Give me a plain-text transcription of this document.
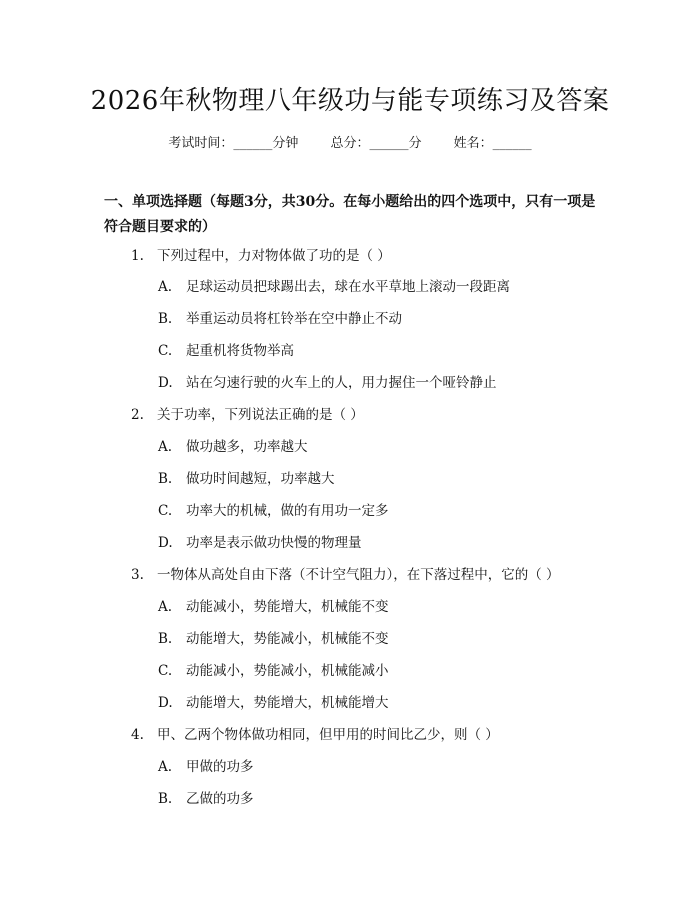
2026年秋物理八年级功与能专项练习及答案
考试时间：______分钟 总分：______分 姓名：______
一、单项选择题（每题3分，共30分。在每小题给出的四个选项中，只有一项是符合题目要求的）
1. 下列过程中，力对物体做了功的是（ ）
A. 足球运动员把球踢出去，球在水平草地上滚动一段距离
B. 举重运动员将杠铃举在空中静止不动
C. 起重机将货物举高
D. 站在匀速行驶的火车上的人，用力握住一个哑铃静止
2. 关于功率，下列说法正确的是（ ）
A. 做功越多，功率越大
B. 做功时间越短，功率越大
C. 功率大的机械，做的有用功一定多
D. 功率是表示做功快慢的物理量
3. 一物体从高处自由下落（不计空气阻力），在下落过程中，它的（ ）
A. 动能减小，势能增大，机械能不变
B. 动能增大，势能减小，机械能不变
C. 动能减小，势能减小，机械能减小
D. 动能增大，势能增大，机械能增大
4. 甲、乙两个物体做功相同，但甲用的时间比乙少，则（ ）
A. 甲做的功多
B. 乙做的功多
